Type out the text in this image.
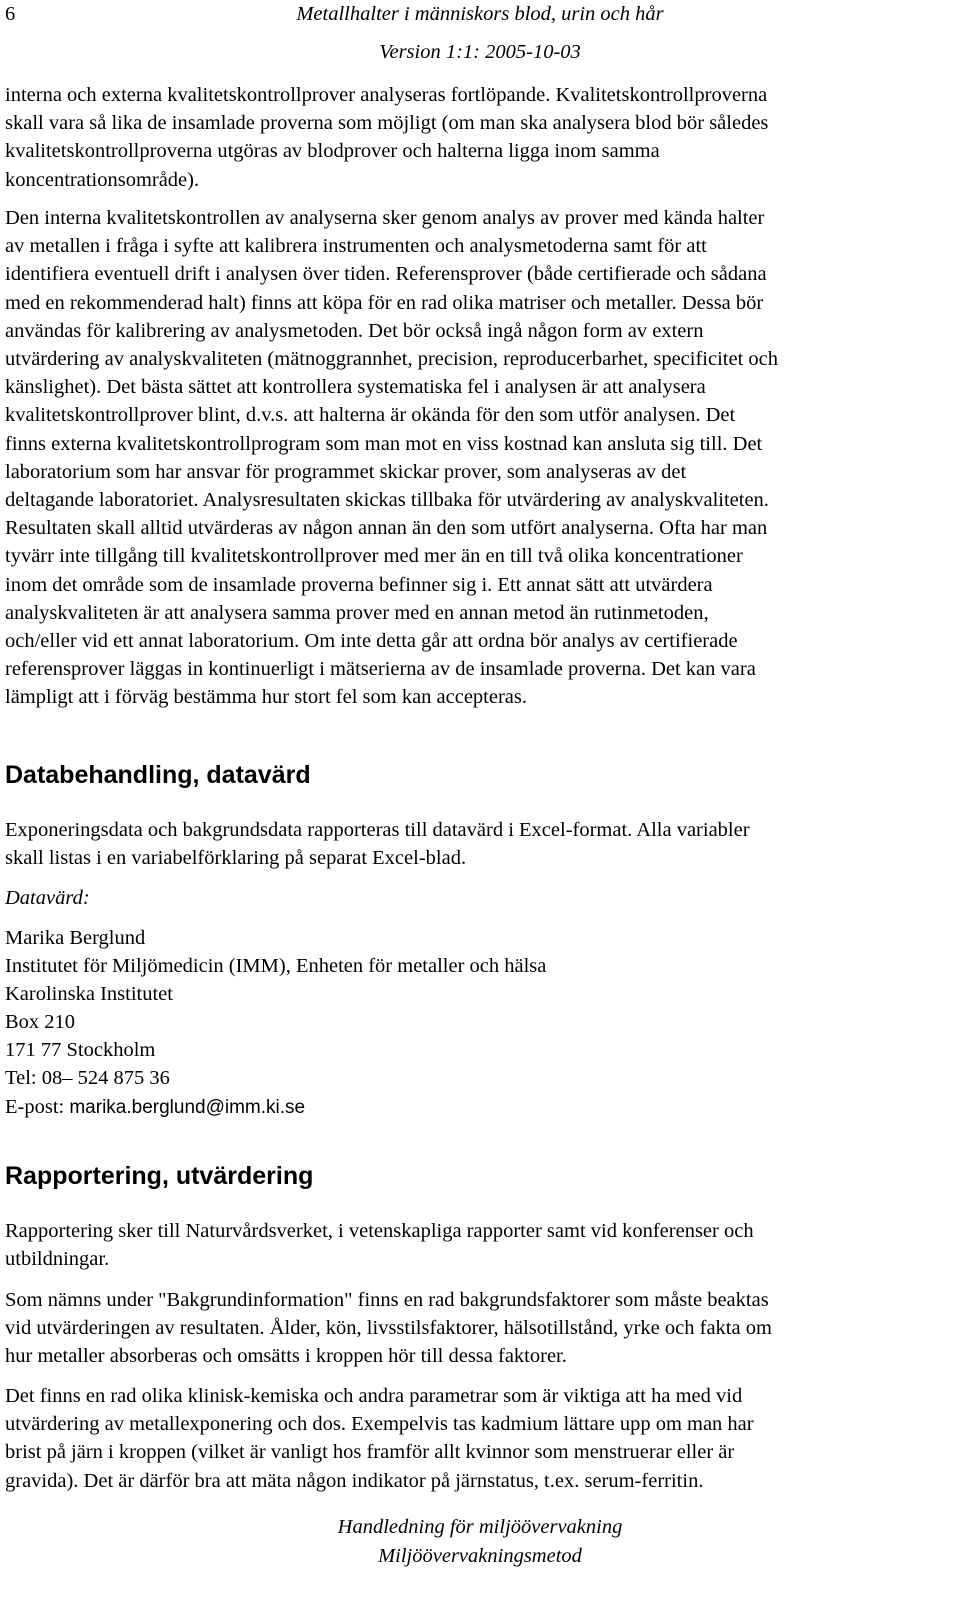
6	Metallhalter i människors blod, urin och hår
Version 1:1: 2005-10-03
interna och externa kvalitetskontrollprover analyseras fortlöpande. Kvalitetskontrollproverna
skall vara så lika de insamlade proverna som möjligt (om man ska analysera blod bör således
kvalitetskontrollproverna utgöras av blodprover och halterna ligga inom samma
koncentrationsområde).
Den interna kvalitetskontrollen av analyserna sker genom analys av prover med kända halter
av metallen i fråga i syfte att kalibrera instrumenten och analysmetoderna samt för att
identifiera eventuell drift i analysen över tiden. Referensprover (både certifierade och sådana
med en rekommenderad halt) finns att köpa för en rad olika matriser och metaller. Dessa bör
användas för kalibrering av analysmetoden. Det bör också ingå någon form av extern
utvärdering av analyskvaliteten (mätnoggrannhet, precision, reproducerbarhet, specificitet och
känslighet). Det bästa sättet att kontrollera systematiska fel i analysen är att analysera
kvalitetskontrollprover blint, d.v.s. att halterna är okända för den som utför analysen. Det
finns externa kvalitetskontrollprogram som man mot en viss kostnad kan ansluta sig till. Det
laboratorium som har ansvar för programmet skickar prover, som analyseras av det
deltagande laboratoriet. Analysresultaten skickas tillbaka för utvärdering av analyskvaliteten.
Resultaten skall alltid utvärderas av någon annan än den som utfört analyserna. Ofta har man
tyvärr inte tillgång till kvalitetskontrollprover med mer än en till två olika koncentrationer
inom det område som de insamlade proverna befinner sig i. Ett annat sätt att utvärdera
analyskvaliteten är att analysera samma prover med en annan metod än rutinmetoden,
och/eller vid ett annat laboratorium. Om inte detta går att ordna bör analys av certifierade
referensprover läggas in kontinuerligt i mätserierna av de insamlade proverna. Det kan vara
lämpligt att i förväg bestämma hur stort fel som kan accepteras.
Databehandling, datavärd
Exponeringsdata och bakgrundsdata rapporteras till datavärd i Excel-format. Alla variabler
skall listas i en variabelförklaring på separat Excel-blad.
Datavärd:
Marika Berglund
Institutet för Miljömedicin (IMM), Enheten för metaller och hälsa
Karolinska Institutet
Box 210
171 77 Stockholm
Tel: 08– 524 875 36
E-post: marika.berglund@imm.ki.se
Rapportering, utvärdering
Rapportering sker till Naturvårdsverket, i vetenskapliga rapporter samt vid konferenser och
utbildningar.
Som nämns under "Bakgrundinformation" finns en rad bakgrundsfaktorer som måste beaktas
vid utvärderingen av resultaten. Ålder, kön, livsstilsfaktorer, hälsotillstånd, yrke och fakta om
hur metaller absorberas och omsätts i kroppen hör till dessa faktorer.
Det finns en rad olika klinisk-kemiska och andra parametrar som är viktiga att ha med vid
utvärdering av metallexponering och dos. Exempelvis tas kadmium lättare upp om man har
brist på järn i kroppen (vilket är vanligt hos framför allt kvinnor som menstruerar eller är
gravida). Det är därför bra att mäta någon indikator på järnstatus, t.ex. serum-ferritin.
Handledning för miljöövervakning
Miljöövervakningsmetod
